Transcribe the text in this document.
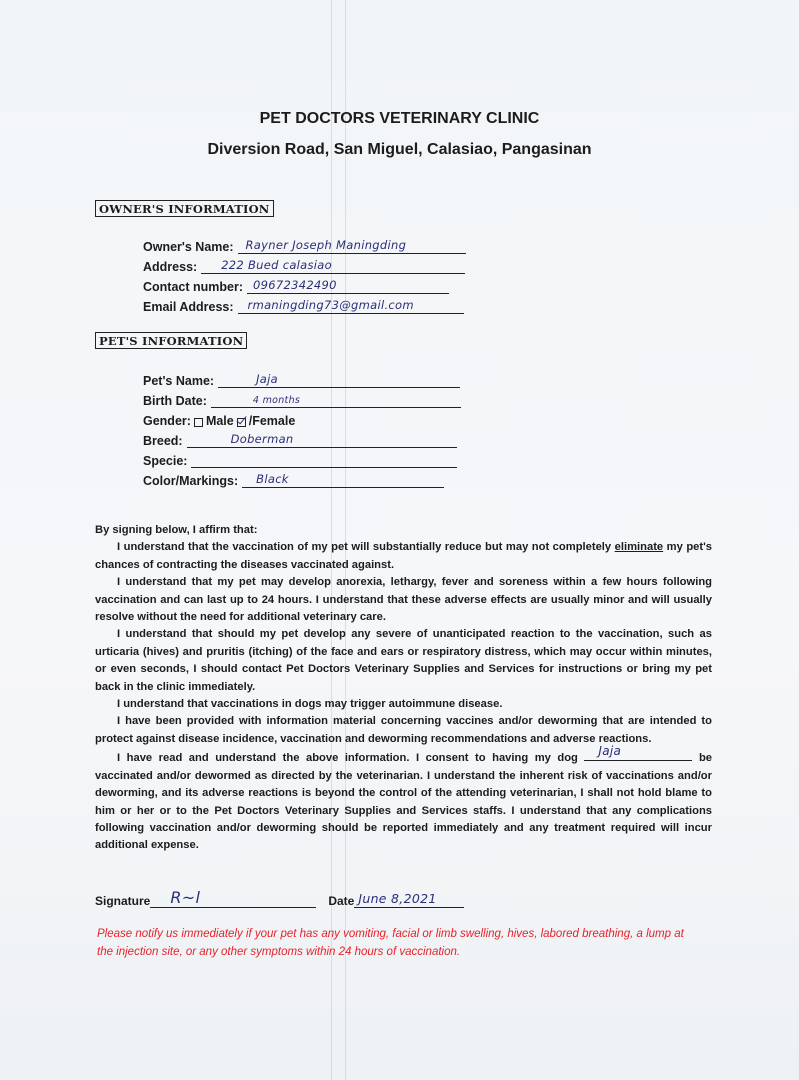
PET DOCTORS VETERINARY CLINIC
Diversion Road, San Miguel, Calasiao, Pangasinan
OWNER'S INFORMATION
Owner's Name: Rayner Joseph Maningding
Address: 222 Bued calasiao
Contact number: 09672342490
Email Address: rmaningding73@gmail.com
PET'S INFORMATION
Pet's Name:	Jaja
Birth Date:	4 months
Gender: Male /Female
Breed:	Doberman
Specie:
Color/Markings: Black

By signing below, I affirm that:

I understand that the vaccination of my pet will substantially reduce but may not completely eliminate my pet's chances of contracting the diseases vaccinated against.

I understand that my pet may develop anorexia, lethargy, fever and soreness within a few hours following vaccination and can last up to 24 hours. I understand that these adverse effects are usually minor and will usually resolve without the need for additional veterinary care.

I understand that should my pet develop any severe of unanticipated reaction to the vaccination, such as urticaria (hives) and pruritis (itching) of the face and ears or respiratory distress, which may occur within minutes, or even seconds, I should contact Pet Doctors Veterinary Supplies and Services for instructions or bring my pet back in the clinic immediately.

I understand that vaccinations in dogs may trigger autoimmune disease.

I have been provided with information material concerning vaccines and/or deworming that are intended to protect against disease incidence, vaccination and deworming recommendations and adverse reactions.

I have read and understand the above information. I consent to having my dog
Jaja
be vaccinated and/or dewormed as directed by the veterinarian. I understand the inherent risk of vaccinations and/or deworming, and its adverse reactions is beyond the control of the attending veterinarian, I shall not hold blame to him or her or to the Pet Doctors Veterinary Supplies and Services staffs. I understand that any complications following vaccination and/or deworming should be reported immediately and any treatment required will incur additional expense.

Signature R~l	Date June 8,2021
Please notify us immediately if your pet has any vomiting, facial or limb swelling, hives, labored breathing, a lump at the injection site, or any other symptoms within 24 hours of vaccination.
